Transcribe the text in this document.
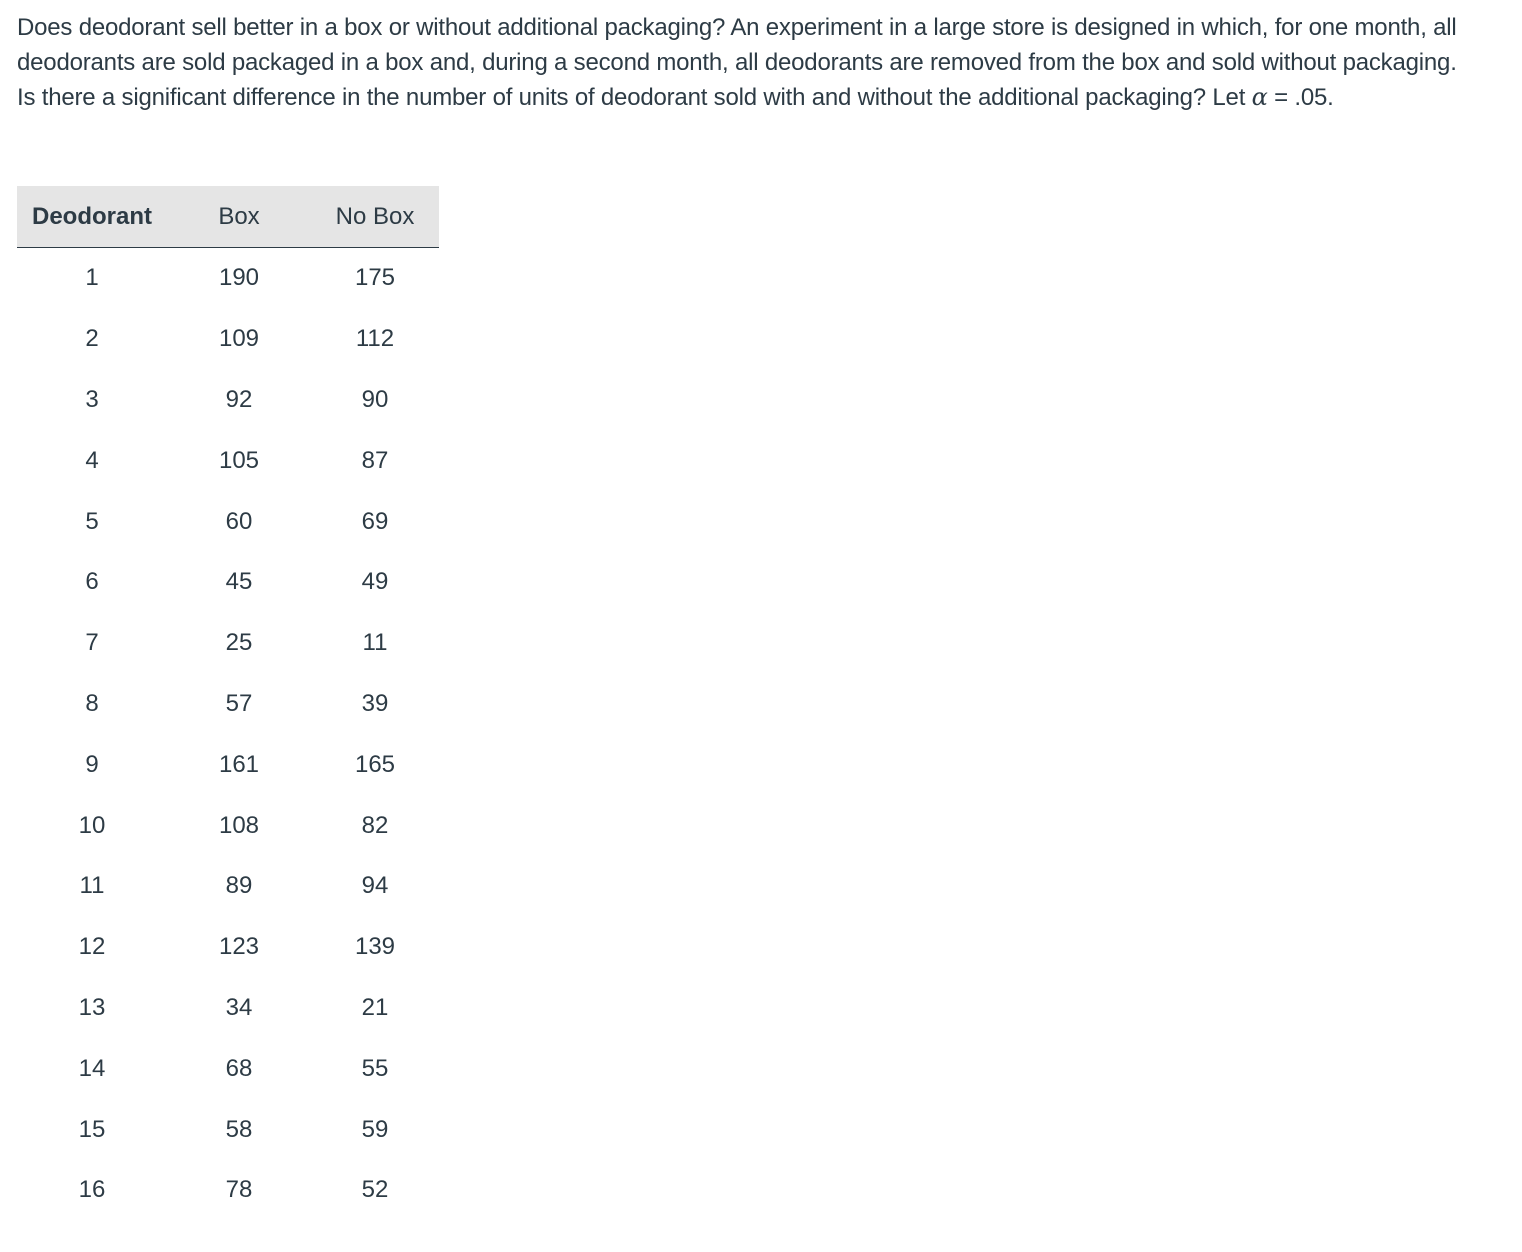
Does deodorant sell better in a box or without additional packaging? An experiment in a large store is designed in which, for one month, all deodorants are sold packaged in a box and, during a second month, all deodorants are removed from the box and sold without packaging. Is there a significant difference in the number of units of deodorant sold with and without the additional packaging? Let α = .05.
Deodorant	Box	No Box
1	190	175
2	109	112
3	92	90
4	105	87
5	60	69
6	45	49
7	25	11
8	57	39
9	161	165
10	108	82
11	89	94
12	123	139
13	34	21
14	68	55
15	58	59
16	78	52
